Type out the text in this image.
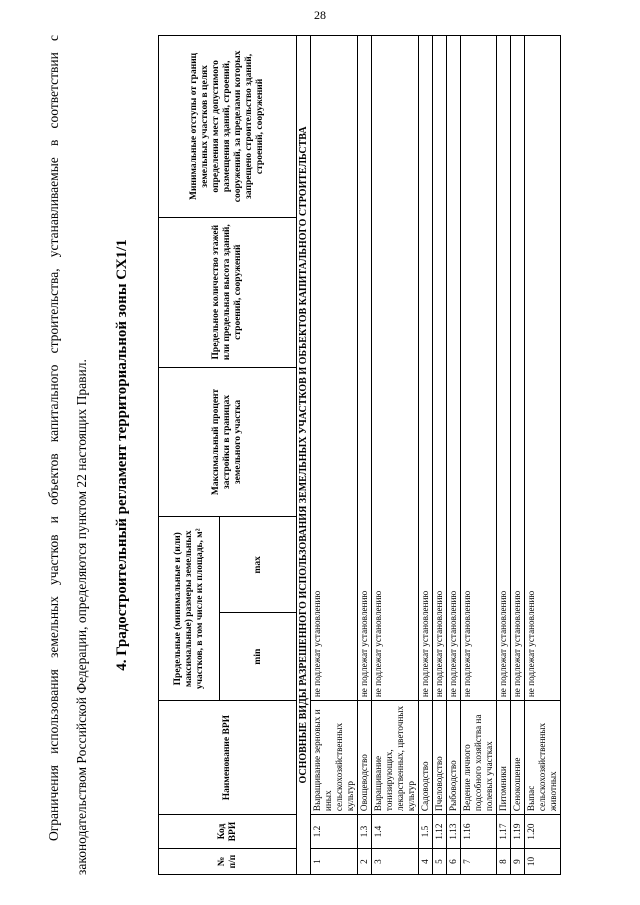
28

Ограничения использования земельных участков и объектов капитального строительства, устанавливаемые в соответствии с законодательством Российской Федерации, определяются пунктом 22 настоящих Правил.	4. Градостроительный регламент территориальной зоны СХ1/1
№ п/п	Код ВРИ	Наименование ВРИ	Предельные (минимальные и (или) максимальные) размеры земельных участков, в том числе их площадь, м²		Максимальный процент застройки в границах земельного участка	Предельное количество этажей или предельная высота зданий, строений, сооружений	Минимальные отступы от границ земельных участков в целях определения мест допустимого размещения зданий, строений, сооружений, за пределами которых запрещено строительство зданий, строений, сооружений
			min	max			
ОСНОВНЫЕ ВИДЫ РАЗРЕШЕННОГО ИСПОЛЬЗОВАНИЯ ЗЕМЕЛЬНЫХ УЧАСТКОВ И ОБЪЕКТОВ КАПИТАЛЬНОГО СТРОИТЕЛЬСТВА							
1	1.2	Выращивание зерновых и иных сельскохозяйственных культур	не подлежат установлению				
2	1.3	Овощеводство	не подлежат установлению				
3	1.4	Выращивание тонизирующих, лекарственных, цветочных культур	не подлежат установлению				
4	1.5	Садоводство	не подлежат установлению				
5	1.12	Пчеловодство	не подлежат установлению				
6	1.13	Рыбоводство	не подлежат установлению				
7	1.16	Ведение личного подсобного хозяйства на полевых участках	не подлежат установлению				
8	1.17	Питомники	не подлежат установлению				
9	1.19	Сенокошение	не подлежат установлению				
10	1.20	Выпас сельскохозяйственных животных	не подлежат установлению				
